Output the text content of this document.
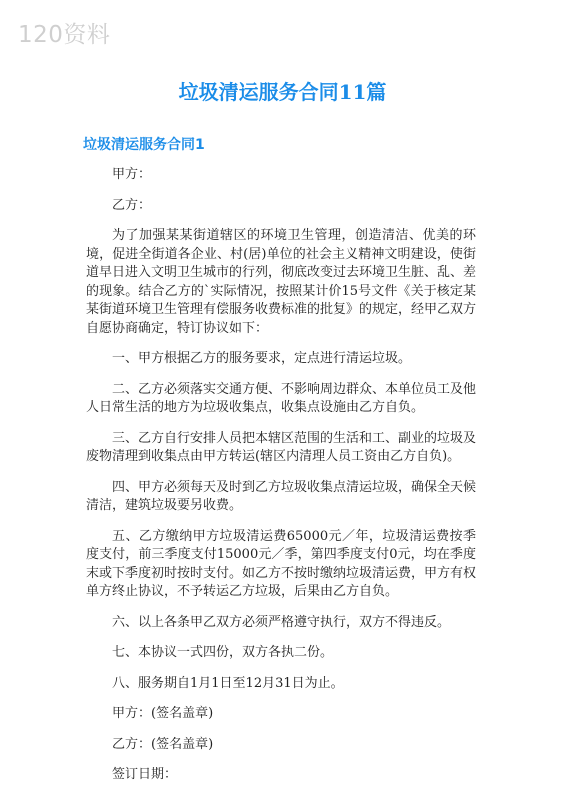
120资料
垃圾清运服务合同11篇
垃圾清运服务合同1

甲方：

乙方：

为了加强某某街道辖区的环境卫生管理，创造清洁、优美的环境，促进全街道各企业、村(居)单位的社会主义精神文明建设，使街道早日进入文明卫生城市的行列，彻底改变过去环境卫生脏、乱、差的现象。结合乙方的`实际情况，按照某计价15号文件《关于核定某某街道环境卫生管理有偿服务收费标准的批复》的规定，经甲乙双方自愿协商确定，特订协议如下：

一、甲方根据乙方的服务要求，定点进行清运垃圾。

二、乙方必须落实交通方便、不影响周边群众、本单位员工及他人日常生活的地方为垃圾收集点，收集点设施由乙方自负。

三、乙方自行安排人员把本辖区范围的生活和工、副业的垃圾及废物清理到收集点由甲方转运(辖区内清理人员工资由乙方自负)。

四、甲方必须每天及时到乙方垃圾收集点清运垃圾，确保全天候清洁，建筑垃圾要另收费。

五、乙方缴纳甲方垃圾清运费65000元／年，垃圾清运费按季度支付，前三季度支付15000元／季，第四季度支付0元，均在季度末或下季度初时按时支付。如乙方不按时缴纳垃圾清运费，甲方有权单方终止协议，不予转运乙方垃圾，后果由乙方自负。

六、以上各条甲乙双方必须严格遵守执行，双方不得违反。

七、本协议一式四份，双方各执二份。

八、服务期自1月1日至12月31日为止。

甲方：(签名盖章)

乙方：(签名盖章)

签订日期：
